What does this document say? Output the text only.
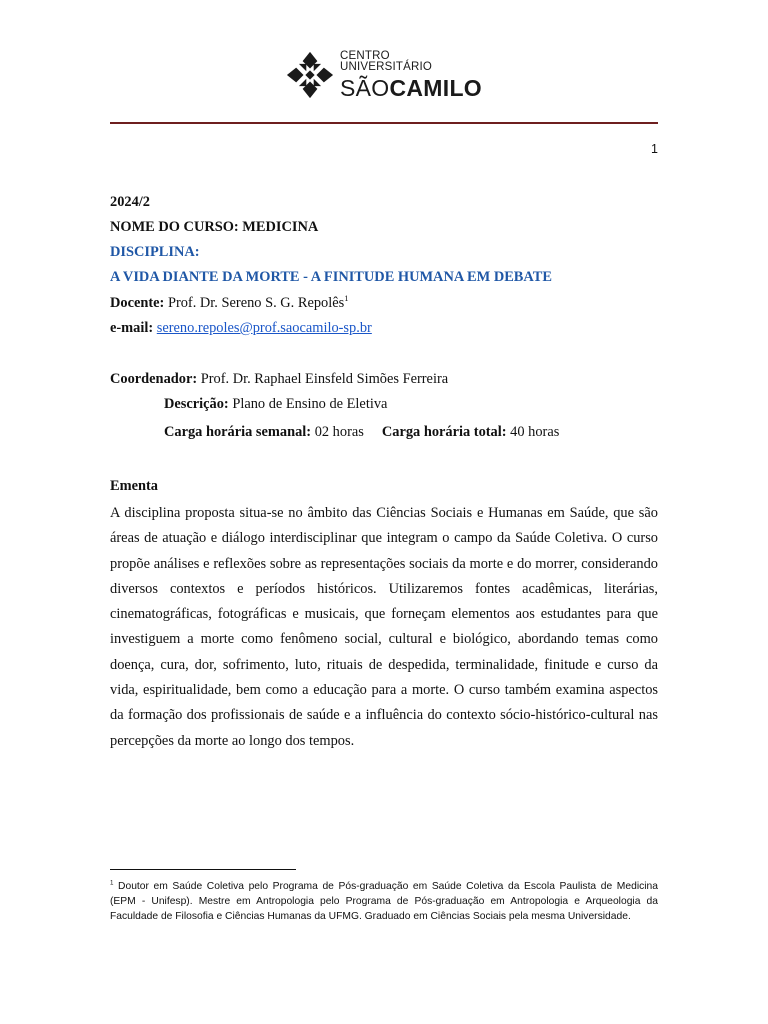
CENTRO UNIVERSITÁRIO
SÃOCAMILO
1
2024/2
NOME DO CURSO: MEDICINA
DISCIPLINA:
A VIDA DIANTE DA MORTE - A FINITUDE HUMANA EM DEBATE
Docente: Prof. Dr. Sereno S. G. Repolês$^1$
e-mail: sereno.repoles@prof.saocamilo-sp.br
Coordenador: Prof. Dr. Raphael Einsfeld Simões Ferreira
Descrição: Plano de Ensino de Eletiva
Carga horária semanal: 02 horas Carga horária total: 40 horas
Ementa
A disciplina proposta situa-se no âmbito das Ciências Sociais e Humanas em Saúde, que são áreas de atuação e diálogo interdisciplinar que integram o campo da Saúde Coletiva. O curso propõe análises e reflexões sobre as representações sociais da morte e do morrer, considerando diversos contextos e períodos históricos. Utilizaremos fontes acadêmicas, literárias, cinematográficas, fotográficas e musicais, que forneçam elementos aos estudantes para que investiguem a morte como fenômeno social, cultural e biológico, abordando temas como doença, cura, dor, sofrimento, luto, rituais de despedida, terminalidade, finitude e curso da vida, espiritualidade, bem como a educação para a morte. O curso também examina aspectos da formação dos profissionais de saúde e a influência do contexto sócio-histórico-cultural nas percepções da morte ao longo dos tempos.
$^1$ Doutor em Saúde Coletiva pelo Programa de Pós-graduação em Saúde Coletiva da Escola Paulista de Medicina (EPM - Unifesp). Mestre em Antropologia pelo Programa de Pós-graduação em Antropologia e Arqueologia da Faculdade de Filosofia e Ciências Humanas da UFMG. Graduado em Ciências Sociais pela mesma Universidade.
